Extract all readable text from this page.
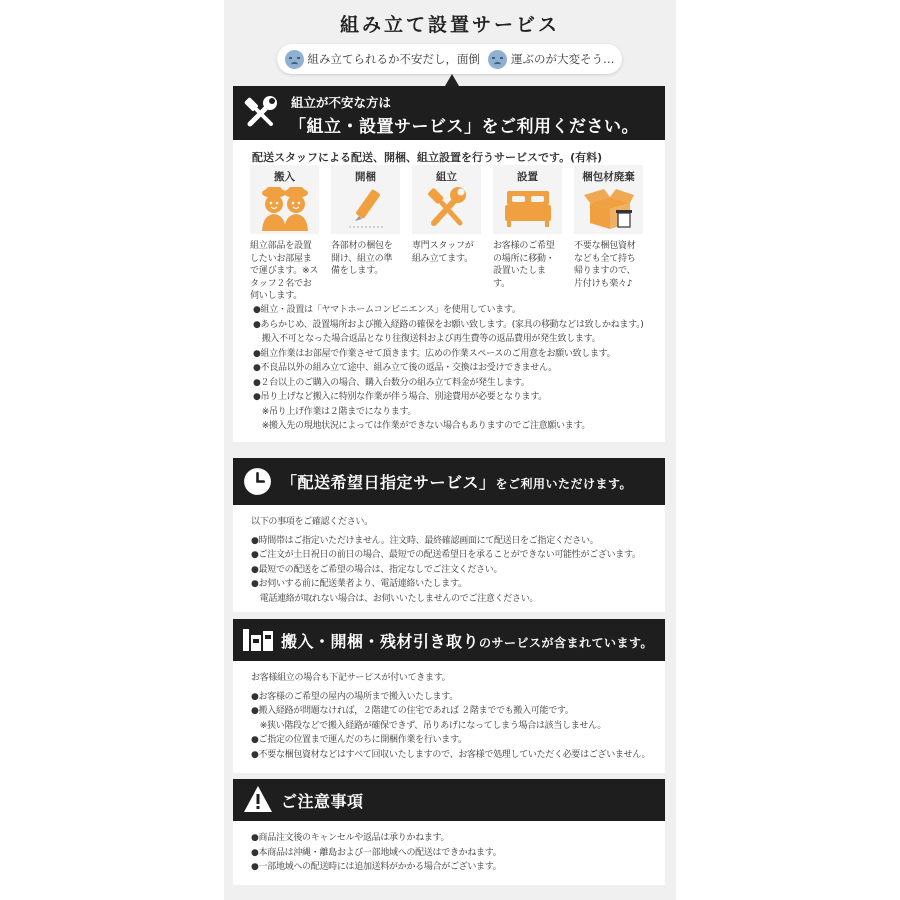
組み立て設置サービス
組み立てられるか不安だし，面倒	運ぶのが大変そう…
組立が不安な方は
「組立・設置サービス」をご利用ください。
配送スタッフによる配送、開梱、組立設置を行うサービスです。(有料)
搬入
組立部品を設置したいお部屋まで運びます。※スタッフ２名でお伺いします。
開梱
各部材の梱包を開け、組立の準備をします。
組立
専門スタッフが組み立てます。
設置
お客様のご希望の場所に移動・設置いたします。
梱包材廃棄
不要な梱包資材なども全て持ち帰りますので、片付けも楽々♪
●組立・設置は「ヤマトホームコンビニエンス」を使用しています。
●あらかじめ、設置場所および搬入経路の確保をお願い致します。(家具の移動などは致しかねます。)
　搬入不可となった場合返品となり往復送料および再生費等の返品費用が発生致します。
●組立作業はお部屋で作業させて頂きます。広めの作業スペースのご用意をお願い致します。
●不良品以外の組み立て途中、組み立て後の返品・交換はお受けできません。
●２台以上のご購入の場合、購入台数分の組み立て料金が発生します。
●吊り上げなど搬入に特別な作業が伴う場合、別途費用が必要となります。
　※吊り上げ作業は２階までになります。
　※搬入先の現地状況によっては作業ができない場合もありますのでご注意願います。
「配送希望日指定サービス」をご利用いただけます。
以下の事項をご確認ください。
●時間帯はご指定いただけません。注文時、最終確認画面にて配送日をご指定ください。
●ご注文が土日祝日の前日の場合、最短での配送希望日を承ることができない可能性がございます。
●最短での配送をご希望の場合は、指定なしでご注文ください。
●お伺いする前に配送業者より、電話連絡いたします。
　電話連絡が取れない場合は、お伺いいたしませんのでご注意ください。
搬入・開梱・残材引き取りのサービスが含まれています。
お客様組立の場合も下記サービスが付いてきます。
●お客様のご希望の屋内の場所まで搬入いたします。
●搬入経路が問題なければ，２階建ての住宅であれば ２階まででも搬入可能です。
　※狭い階段などで搬入経路が確保できず、吊りあげになってしまう場合は該当しません。
●ご指定の位置まで運んだのちに開梱作業を行います。
●不要な梱包資材などはすべて回収いたしますので、お客様で処理していただく必要はございません。
ご注意事項
●商品注文後のキャンセルや返品は承りかねます。
●本商品は沖縄・離島および一部地域への配送はできかねます。
●一部地域への配送時には追加送料がかかる場合がございます。
